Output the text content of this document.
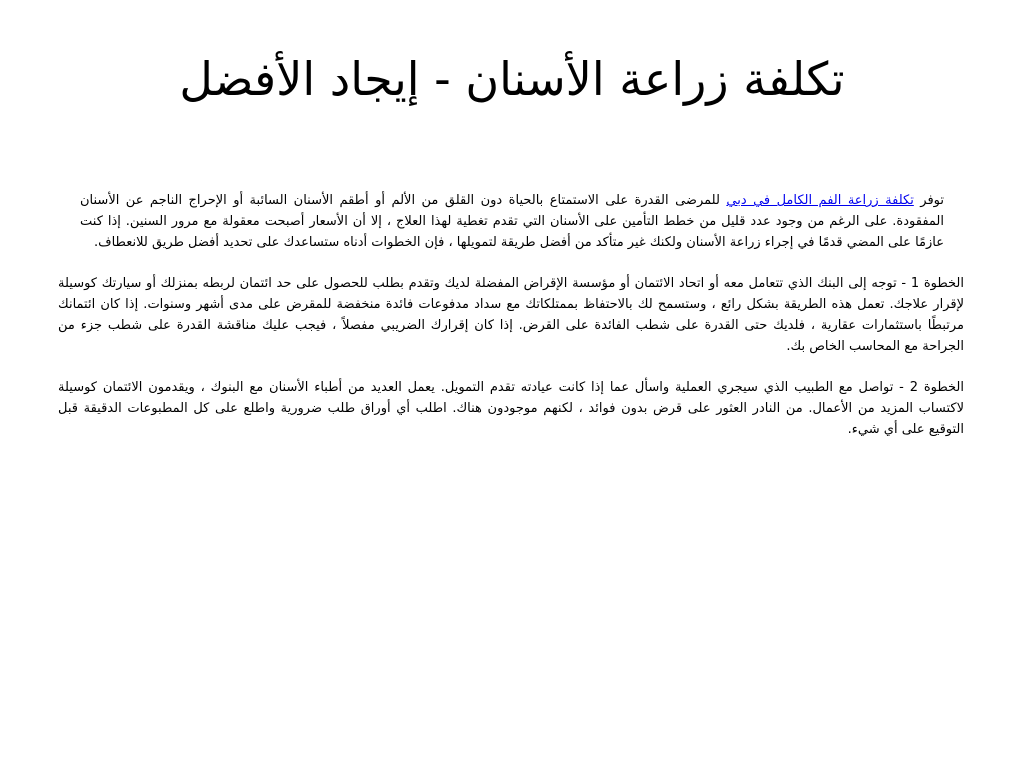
تكلفة زراعة الأسنان - إيجاد الأفضل

توفر تكلفة زراعة الفم الكامل في دبي للمرضى القدرة على الاستمتاع بالحياة دون القلق من الألم أو أطقم الأسنان السائبة أو الإحراج الناجم عن الأسنان المفقودة. على الرغم من وجود عدد قليل من خطط التأمين على الأسنان التي تقدم تغطية لهذا العلاج ، إلا أن الأسعار أصبحت معقولة مع مرور السنين. إذا كنت عازمًا على المضي قدمًا في إجراء زراعة الأسنان ولكنك غير متأكد من أفضل طريقة لتمويلها ، فإن الخطوات أدناه ستساعدك على تحديد أفضل طريق للانعطاف.

الخطوة 1 - توجه إلى البنك الذي تتعامل معه أو اتحاد الائتمان أو مؤسسة الإقراض المفضلة لديك وتقدم بطلب للحصول على حد ائتمان لربطه بمنزلك أو سيارتك كوسيلة لإقرار علاجك. تعمل هذه الطريقة بشكل رائع ، وستسمح لك بالاحتفاظ بممتلكاتك مع سداد مدفوعات فائدة منخفضة للمقرض على مدى أشهر وسنوات. إذا كان ائتمانك مرتبطًا باستثمارات عقارية ، فلديك حتى القدرة على شطب الفائدة على القرض. إذا كان إقرارك الضريبي مفصلاً ، فيجب عليك مناقشة القدرة على شطب جزء من الجراحة مع المحاسب الخاص بك.

الخطوة 2 - تواصل مع الطبيب الذي سيجري العملية واسأل عما إذا كانت عيادته تقدم التمويل. يعمل العديد من أطباء الأسنان مع البنوك ، ويقدمون الائتمان كوسيلة لاكتساب المزيد من الأعمال. من النادر العثور على قرض بدون فوائد ، لكنهم موجودون هناك. اطلب أي أوراق طلب ضرورية واطلع على كل المطبوعات الدقيقة قبل التوقيع على أي شيء.
